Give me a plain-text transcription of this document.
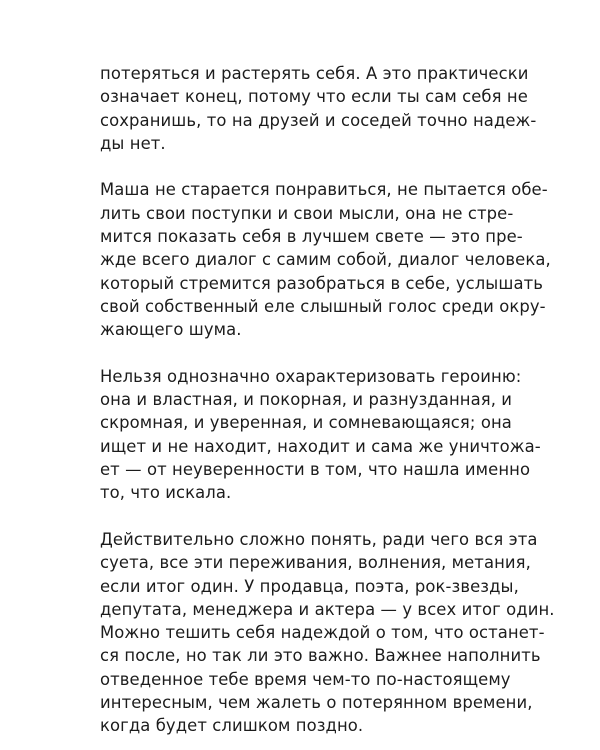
потеряться и растерять себя. А это практически
означает конец, потому что если ты сам себя не
сохранишь, то на друзей и соседей точно надеж-
ды нет.

Маша не старается понравиться, не пытается обе-
лить свои поступки и свои мысли, она не стре-
мится показать себя в лучшем свете — это пре-
жде всего диалог с самим собой, диалог человека,
который стремится разобраться в себе, услышать
свой собственный еле слышный голос среди окру-
жающего шума.

Нельзя однозначно охарактеризовать героиню:
она и властная, и покорная, и разнузданная, и
скромная, и уверенная, и сомневающаяся; она
ищет и не находит, находит и сама же уничтожа-
ет — от неуверенности в том, что нашла именно
то, что искала.

Действительно сложно понять, ради чего вся эта
суета, все эти переживания, волнения, метания,
если итог один. У продавца, поэта, рок-звезды,
депутата, менеджера и актера — у всех итог один.
Можно тешить себя надеждой о том, что останет-
ся после, но так ли это важно. Важнее наполнить
отведенное тебе время чем-то по-настоящему
интересным, чем жалеть о потерянном времени,
когда будет слишком поздно.
